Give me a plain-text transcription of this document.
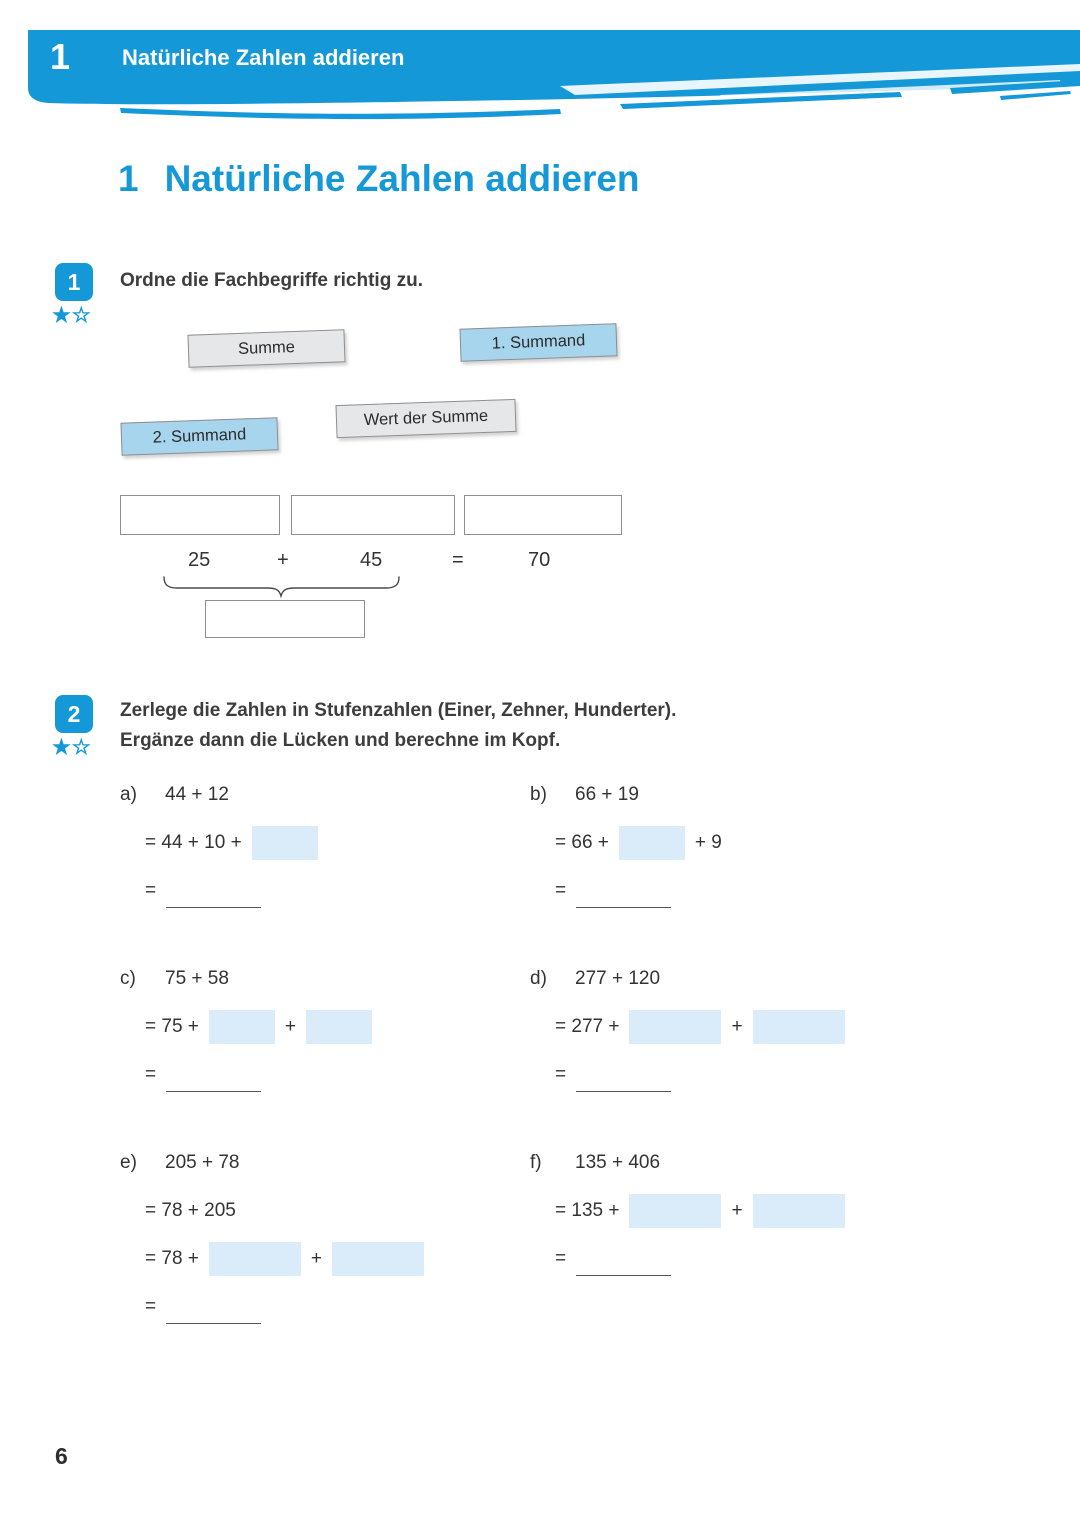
1 Natürliche Zahlen addieren
1 Natürliche Zahlen addieren
1
★☆
Ordne die Fachbegriffe richtig zu.
Summe	1. Summand
2. Summand
Wert der Summe
25	+	45	=	70
2
★☆
Zerlege die Zahlen in Stufenzahlen (Einer, Zehner, Hunderter).
Ergänze dann die Lücken und berechne im Kopf.
a)	44 + 12
= 44 + 10 +
=
b)	66 + 19
= 66 +	+ 9
=
c)	75 + 58
= 75 +	+
=
d)	277 + 120
= 277 +	+
=
e)	205 + 78
= 78 + 205
= 78 +	+
=
f)	135 + 406
= 135 +	+
=
6
